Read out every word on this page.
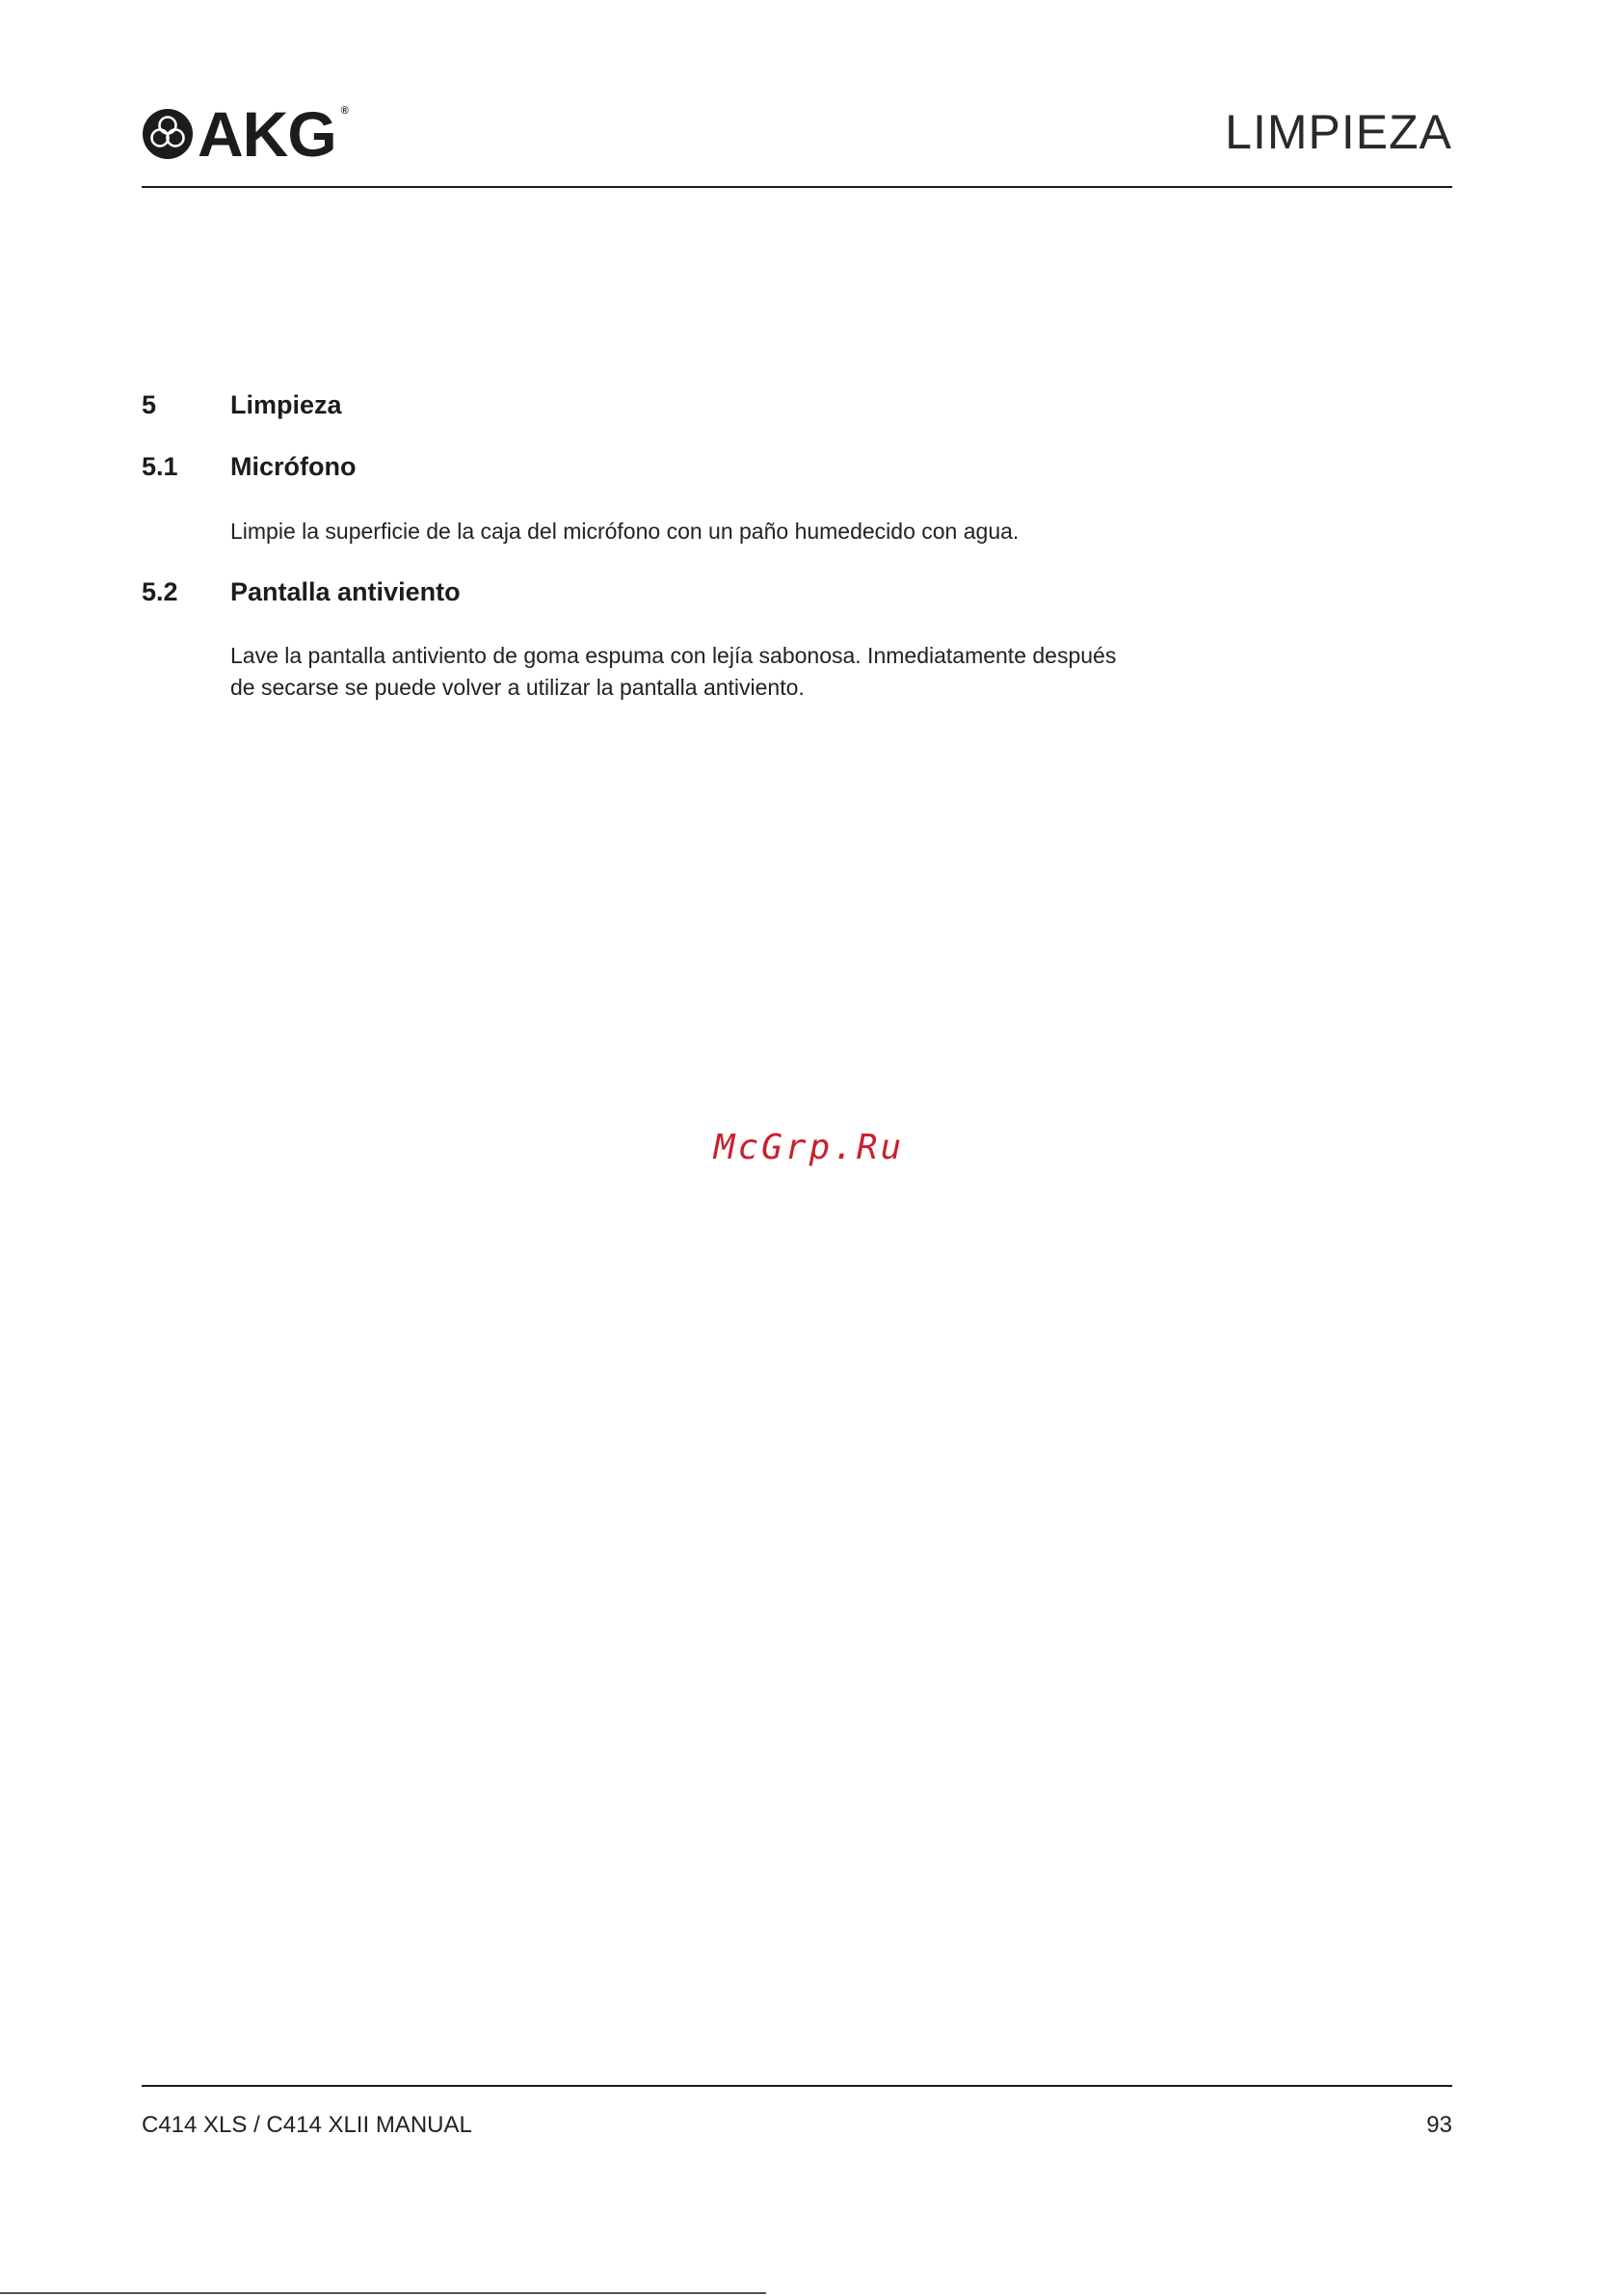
AKG ®	LIMPIEZA
5	Limpieza
5.1 Micrófono
Limpie la superficie de la caja del micrófono con un paño humedecido con agua.
5.2 Pantalla antiviento
Lave la pantalla antiviento de goma espuma con lejía sabonosa. Inmediatamente después
de secarse se puede volver a utilizar la pantalla antiviento.
McGrp.Ru
C414 XLS / C414 XLII MANUAL	93
